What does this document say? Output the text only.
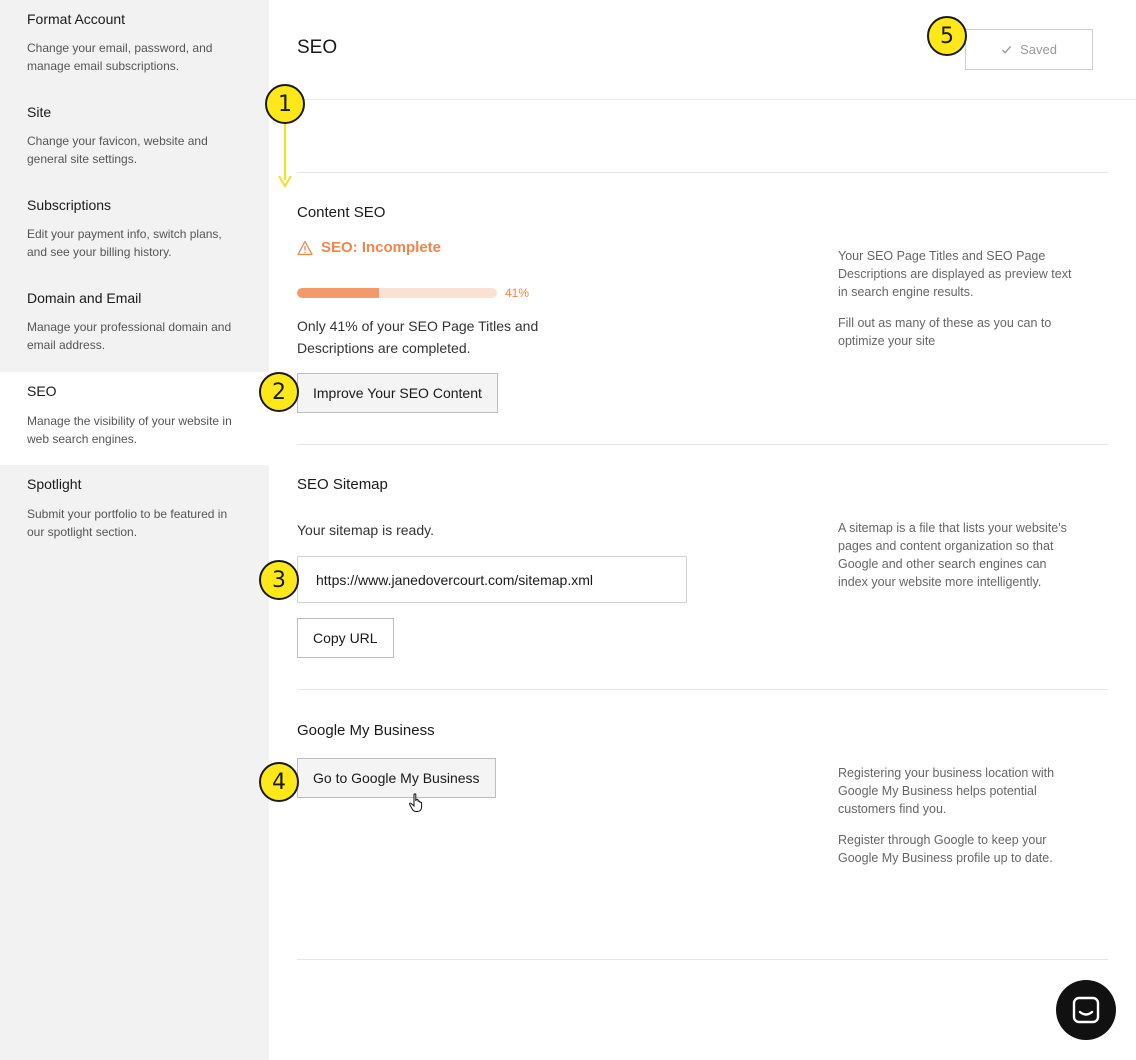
Format Account
Change your email, password, and manage email subscriptions.
Site
Change your favicon, website and general site settings.
Subscriptions
Edit your payment info, switch plans, and see your billing history.
Domain and Email
Manage your professional domain and email address.
SEO
Manage the visibility of your website in web search engines.
Spotlight
Submit your portfolio to be featured in our spotlight section.
SEO	Saved
Content SEO
SEO: Incomplete
41%
Only 41% of your SEO Page Titles and Descriptions are completed.
Improve Your SEO Content
Your SEO Page Titles and SEO Page Descriptions are displayed as preview text in search engine results.
Fill out as many of these as you can to optimize your site
SEO Sitemap
Your sitemap is ready.
https://www.janedovercourt.com/sitemap.xml
Copy URL
A sitemap is a file that lists your website's pages and content organization so that Google and other search engines can index your website more intelligently.
Google My Business
Go to Google My Business	Registering your business location with Google My Business helps potential customers find you.
Register through Google to keep your Google My Business profile up to date.
1
2
3
4
5
